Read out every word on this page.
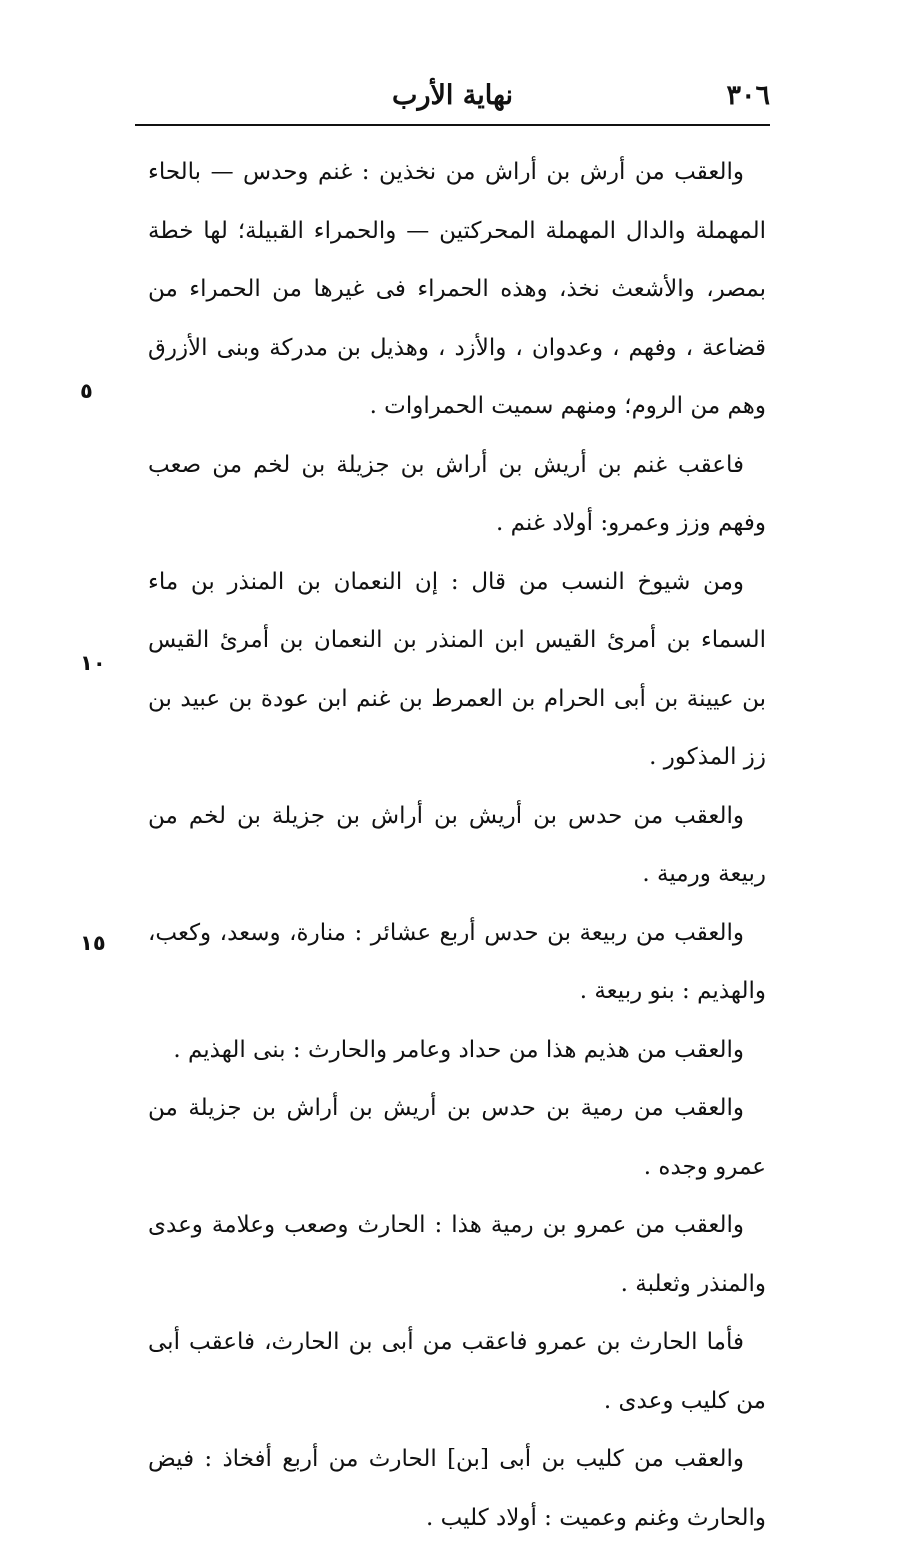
٣٠٦
نهاية الأرب

والعقب من أرش بن أراش من نخذين : غنم وحدس — بالحاء المهملة والدال المهملة المحركتين — والحمراء القبيلة؛ لها خطة بمصر، والأشعث نخذ، وهذه الحمراء فى غيرها من الحمراء من قضاعة ، وفهم ، وعدوان ، والأزد ، وهذيل بن مدركة وبنى الأزرق وهم من الروم؛ ومنهم سميت الحمراوات .

فاعقب غنم بن أريش بن أراش بن جزيلة بن لخم من صعب وفهم وزز وعمرو: أولاد غنم .

ومن شيوخ النسب من قال : إن النعمان بن المنذر بن ماء السماء بن أمرئ القيس ابن المنذر بن النعمان بن أمرئ القيس بن عيينة بن أبى الحرام بن العمرط بن غنم ابن عودة بن عبيد بن زز المذكور .

والعقب من حدس بن أريش بن أراش بن جزيلة بن لخم من ربيعة ورمية .

والعقب من ربيعة بن حدس أربع عشائر : منارة، وسعد، وكعب، والهذيم : بنو ربيعة .

والعقب من هذيم هذا من حداد وعامر والحارث : بنى الهذيم .

والعقب من رمية بن حدس بن أريش بن أراش بن جزيلة من عمرو وجده .

والعقب من عمرو بن رمية هذا : الحارث وصعب وعلامة وعدى والمنذر وثعلبة .

فأما الحارث بن عمرو فاعقب من أبى بن الحارث، فاعقب أبى من كليب وعدى .

والعقب من كليب بن أبى [بن] الحارث من أربع أفخاذ : فيض والحارث وغنم وعميت : أولاد كليب .

٥
١٠
١٥
